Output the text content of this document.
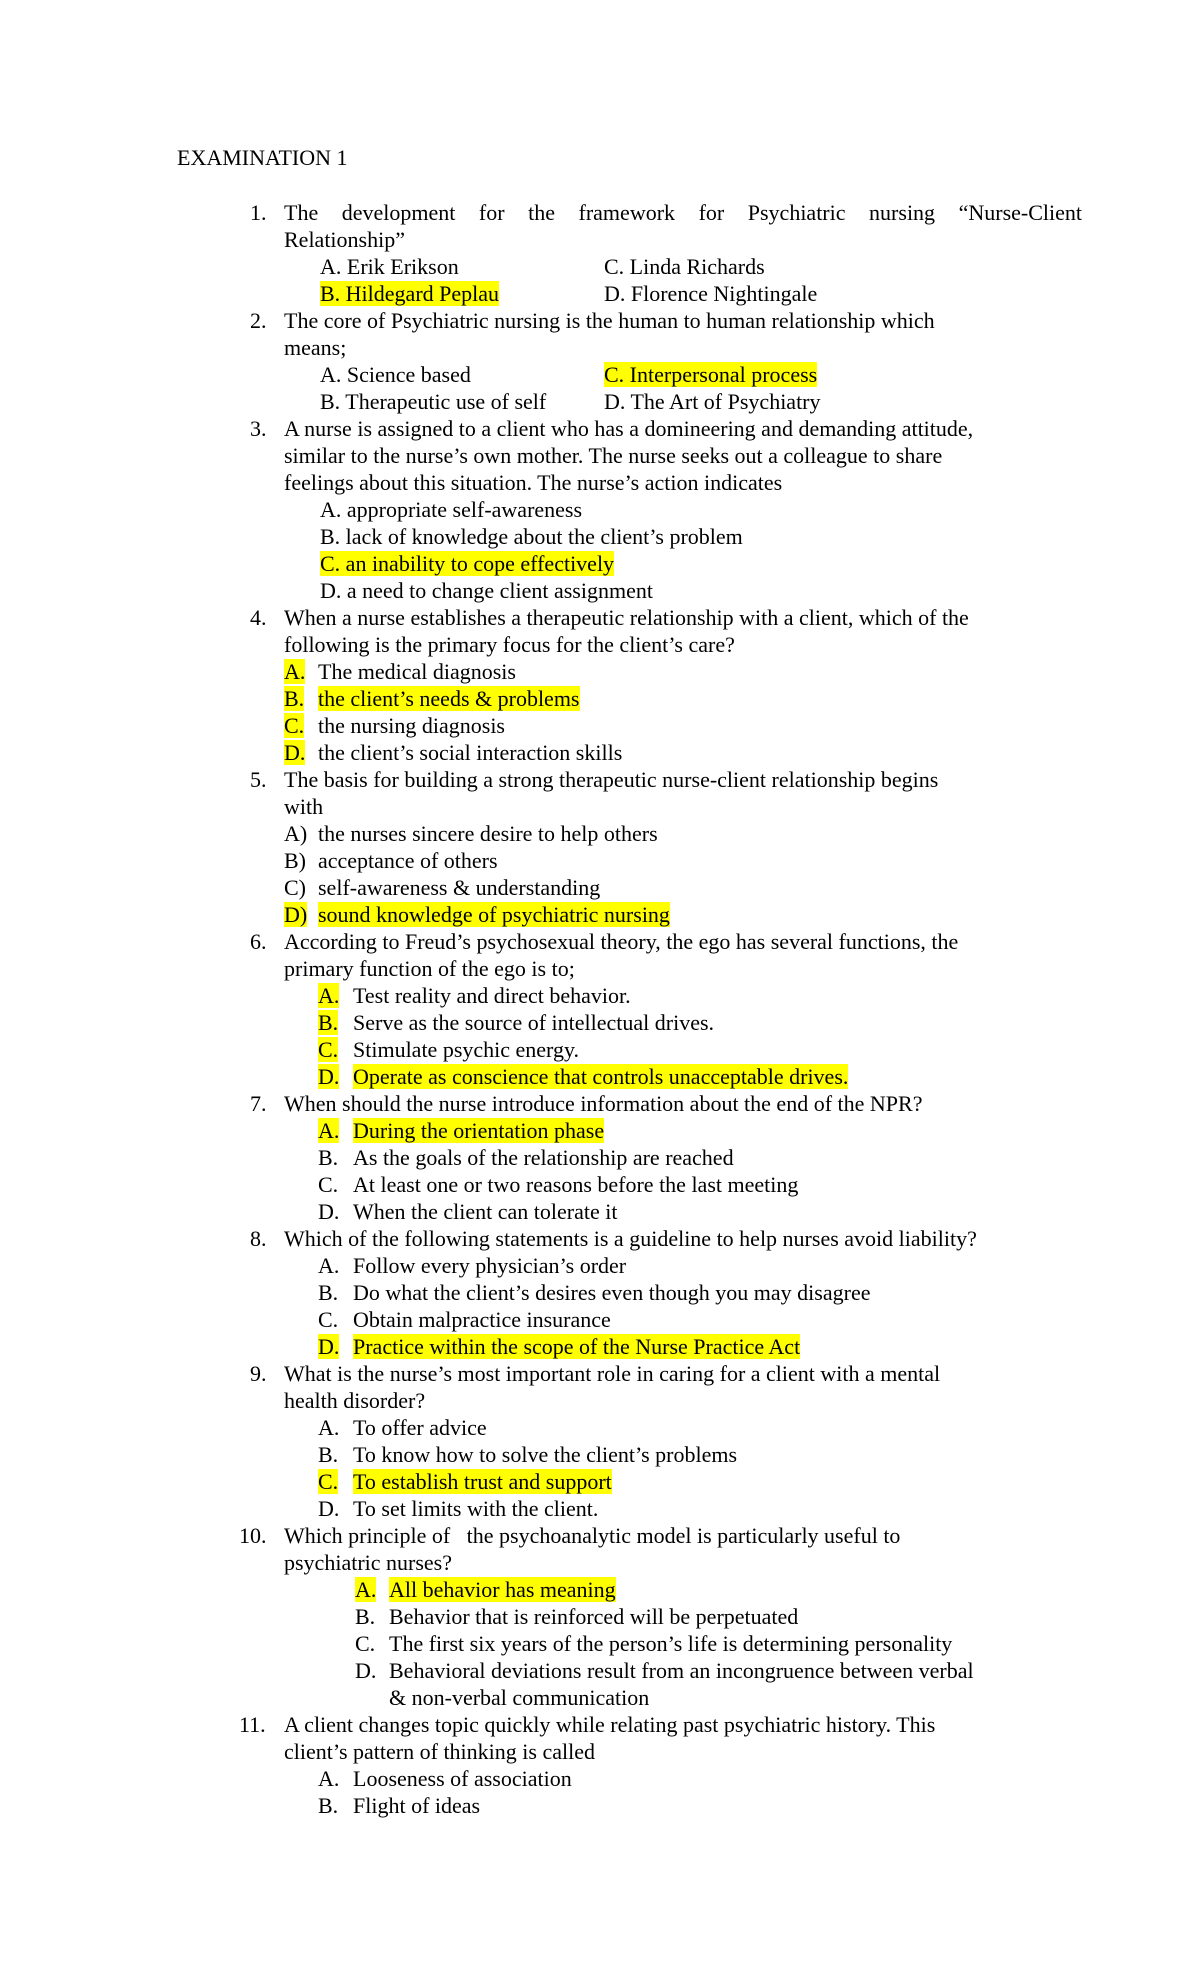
EXAMINATION 1

1. The development for the framework for Psychiatric nursing “Nurse-Client

Relationship”

A. Erik Erikson	C. Linda Richards

B. Hildegard Peplau	D. Florence Nightingale

2. The core of Psychiatric nursing is the human to human relationship which

means;

A. Science based	C. Interpersonal process

B. Therapeutic use of self	D. The Art of Psychiatry

3. A nurse is assigned to a client who has a domineering and demanding attitude,

similar to the nurse’s own mother. The nurse seeks out a colleague to share

feelings about this situation. The nurse’s action indicates

A. appropriate self-awareness

B. lack of knowledge about the client’s problem

C. an inability to cope effectively

D. a need to change client assignment

4. When a nurse establishes a therapeutic relationship with a client, which of the

following is the primary focus for the client’s care?

A. The medical diagnosis

B. the client’s needs & problems

C. the nursing diagnosis

D. the client’s social interaction skills

5. The basis for building a strong therapeutic nurse-client relationship begins

with

A) the nurses sincere desire to help others

B) acceptance of others

C) self-awareness & understanding

D) sound knowledge of psychiatric nursing

6. According to Freud’s psychosexual theory, the ego has several functions, the

primary function of the ego is to;

A. Test reality and direct behavior.

B. Serve as the source of intellectual drives.

C. Stimulate psychic energy.

D. Operate as conscience that controls unacceptable drives.

7. When should the nurse introduce information about the end of the NPR?

A. During the orientation phase

B. As the goals of the relationship are reached

C. At least one or two reasons before the last meeting

D. When the client can tolerate it

8. Which of the following statements is a guideline to help nurses avoid liability?

A. Follow every physician’s order

B. Do what the client’s desires even though you may disagree

C. Obtain malpractice insurance

D. Practice within the scope of the Nurse Practice Act

9. What is the nurse’s most important role in caring for a client with a mental

health disorder?

A. To offer advice

B. To know how to solve the client’s problems

C. To establish trust and support

D. To set limits with the client.

10. Which principle of   the psychoanalytic model is particularly useful to

psychiatric nurses?

A. All behavior has meaning

B. Behavior that is reinforced will be perpetuated

C. The first six years of the person’s life is determining personality

D. Behavioral deviations result from an incongruence between verbal

& non-verbal communication

11. A client changes topic quickly while relating past psychiatric history. This

client’s pattern of thinking is called

A. Looseness of association

B. Flight of ideas
